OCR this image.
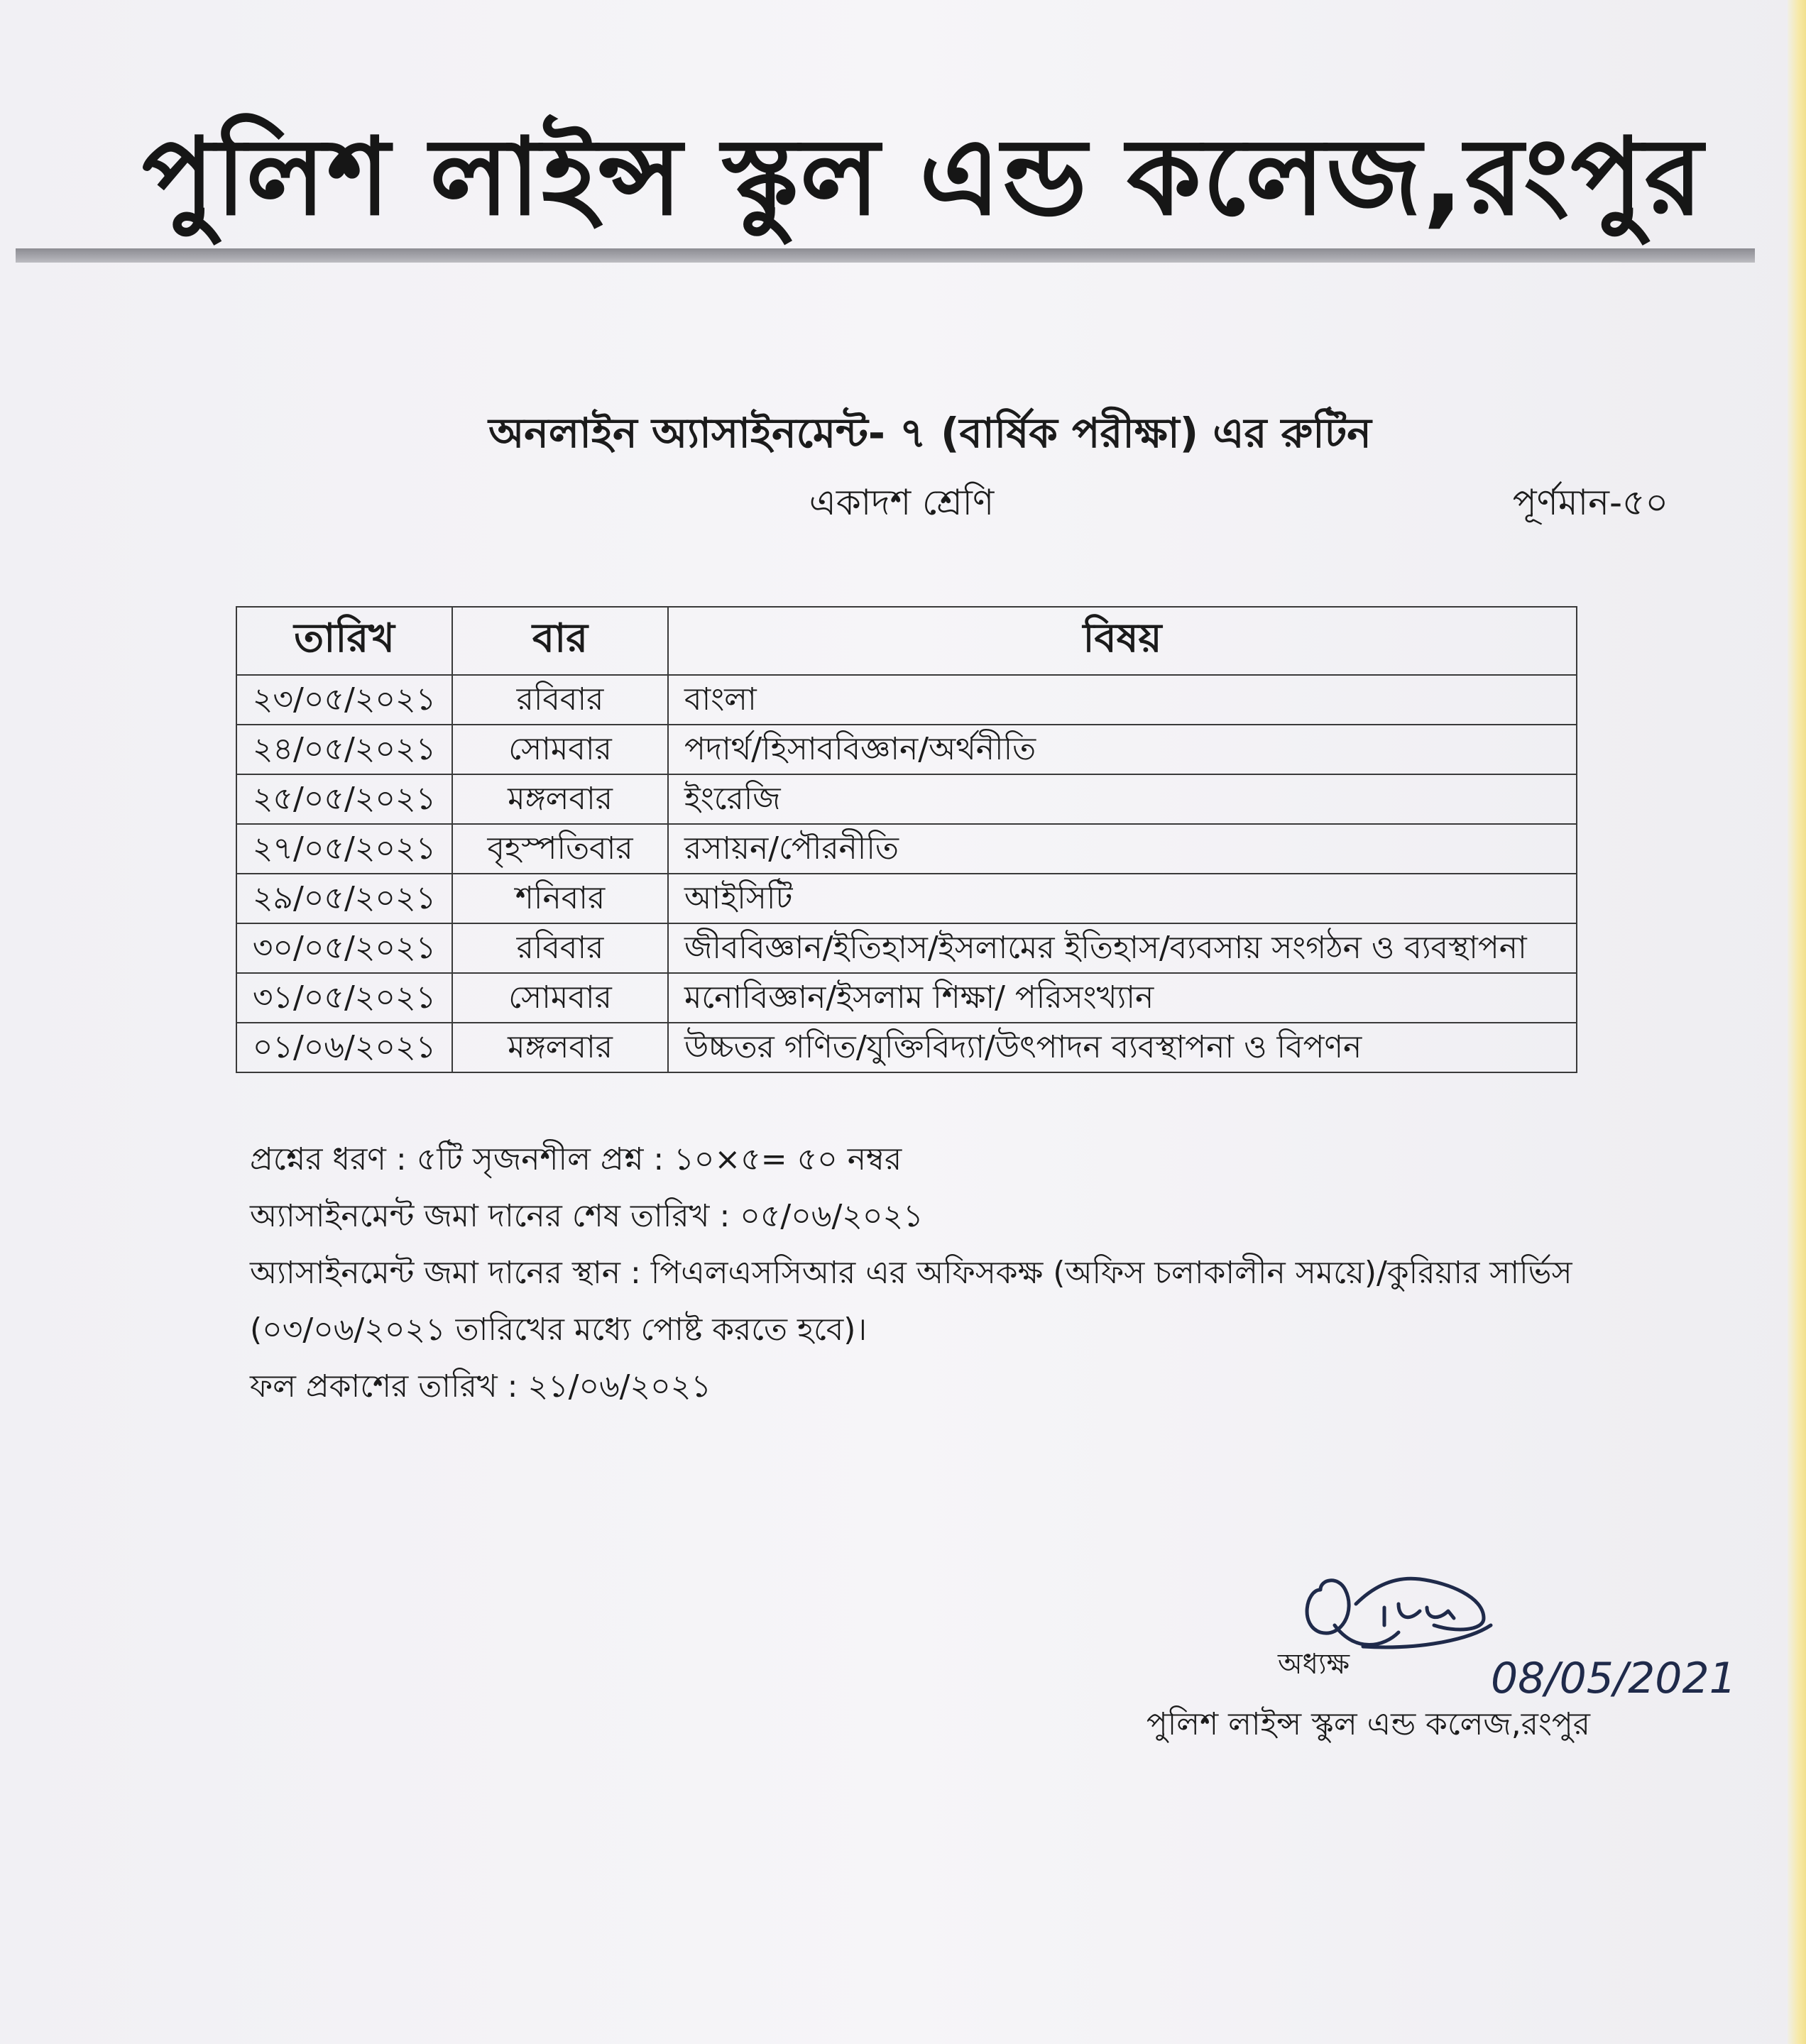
পুলিশ লাইন্স স্কুল এন্ড কলেজ,রংপুর
অনলাইন অ্যাসাইনমেন্ট- ৭ (বার্ষিক পরীক্ষা) এর রুটিন
একাদশ শ্রেণি	পূর্ণমান-৫০
তারিখ	বার	বিষয়
২৩/০৫/২০২১	রবিবার	বাংলা
২৪/০৫/২০২১	সোমবার	পদার্থ/হিসাববিজ্ঞান/অর্থনীতি
২৫/০৫/২০২১	মঙ্গলবার	ইংরেজি
২৭/০৫/২০২১	বৃহস্পতিবার	রসায়ন/পৌরনীতি
২৯/০৫/২০২১	শনিবার	আইসিটি
৩০/০৫/২০২১	রবিবার	জীববিজ্ঞান/ইতিহাস/ইসলামের ইতিহাস/ব্যবসায় সংগঠন ও ব্যবস্থাপনা
৩১/০৫/২০২১	সোমবার	মনোবিজ্ঞান/ইসলাম শিক্ষা/ পরিসংখ্যান
০১/০৬/২০২১	মঙ্গলবার	উচ্চতর গণিত/যুক্তিবিদ্যা/উৎপাদন ব্যবস্থাপনা ও বিপণন
প্রশ্নের ধরণ : ৫টি সৃজনশীল প্রশ্ন : ১০×৫= ৫০ নম্বর
অ্যাসাইনমেন্ট জমা দানের শেষ তারিখ : ০৫/০৬/২০২১
অ্যাসাইনমেন্ট জমা দানের স্থান : পিএলএসসিআর এর অফিসকক্ষ (অফিস চলাকালীন সময়ে)/কুরিয়ার সার্ভিস
(০৩/০৬/২০২১ তারিখের মধ্যে পোষ্ট করতে হবে)।
ফল প্রকাশের তারিখ : ২১/০৬/২০২১
08/05/2021
অধ্যক্ষ
পুলিশ লাইন্স স্কুল এন্ড কলেজ,রংপুর
